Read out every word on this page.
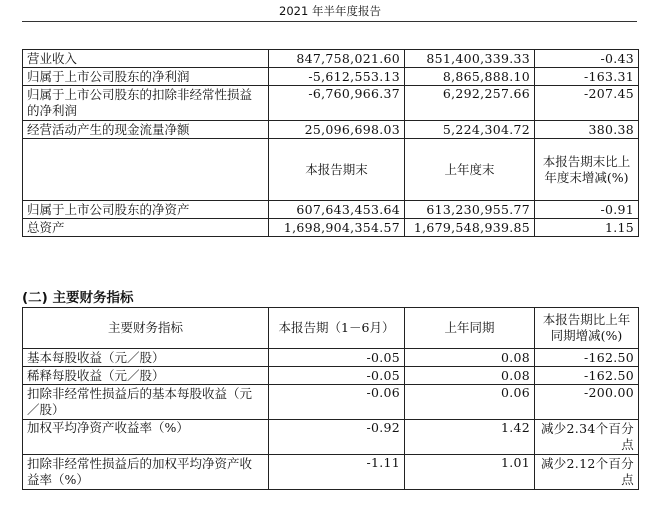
2021 年半年度报告
营业收入	847,758,021.60	851,400,339.33	-0.43
归属于上市公司股东的净利润	-5,612,553.13	8,865,888.10	-163.31
归属于上市公司股东的扣除非经常性损益的净利润	-6,760,966.37	6,292,257.66	-207.45
经营活动产生的现金流量净额	25,096,698.03	5,224,304.72	380.38
	本报告期末	上年度末	本报告期末比上年度末增减(%)
归属于上市公司股东的净资产	607,643,453.64	613,230,955.77	-0.91
总资产	1,698,904,354.57	1,679,548,939.85	1.15
(二) 主要财务指标
主要财务指标	本报告期（1－6月）	上年同期	本报告期比上年同期增减(%)
基本每股收益（元／股）	-0.05	0.08	-162.50
稀释每股收益（元／股）	-0.05	0.08	-162.50
扣除非经常性损益后的基本每股收益（元／股）	-0.06	0.06	-200.00
加权平均净资产收益率（%）	-0.92	1.42	减少2.34个百分点
扣除非经常性损益后的加权平均净资产收益率（%）	-1.11	1.01	减少2.12个百分点
